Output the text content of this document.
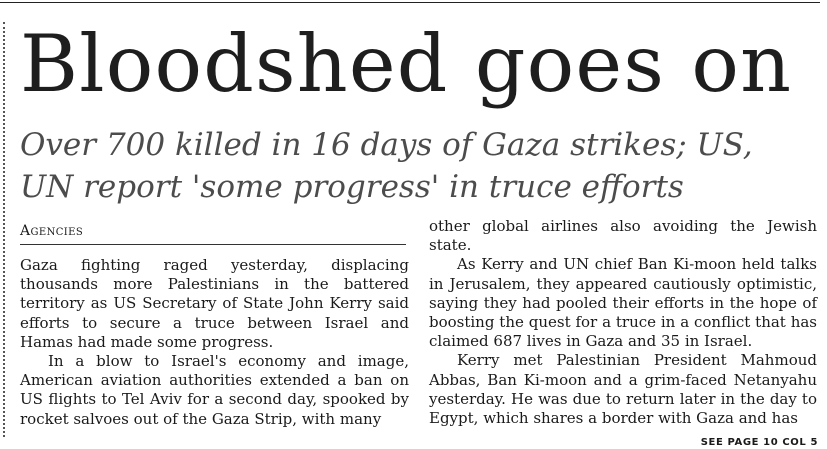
Bloodshed goes on
Over 700 killed in 16 days of Gaza strikes; US, UN report 'some progress' in truce efforts
Agencies

Gaza fighting raged yesterday, displacing thousands more Palestinians in the battered territory as US Secretary of State John Kerry said efforts to secure a truce between Israel and Hamas had made some progress.

In a blow to Israel's economy and image, American aviation authorities extended a ban on US flights to Tel Aviv for a second day, spooked by rocket salvoes out of the Gaza Strip, with many

other global airlines also avoiding the Jewish state.

As Kerry and UN chief Ban Ki-moon held talks in Jerusalem, they appeared cautiously optimistic, saying they had pooled their efforts in the hope of boosting the quest for a truce in a conflict that has claimed 687 lives in Gaza and 35 in Israel.

Kerry met Palestinian President Mahmoud Abbas, Ban Ki-moon and a grim-faced Netanyahu yesterday. He was due to return later in the day to Egypt, which shares a border with Gaza and has

SEE PAGE 10 COL 5
